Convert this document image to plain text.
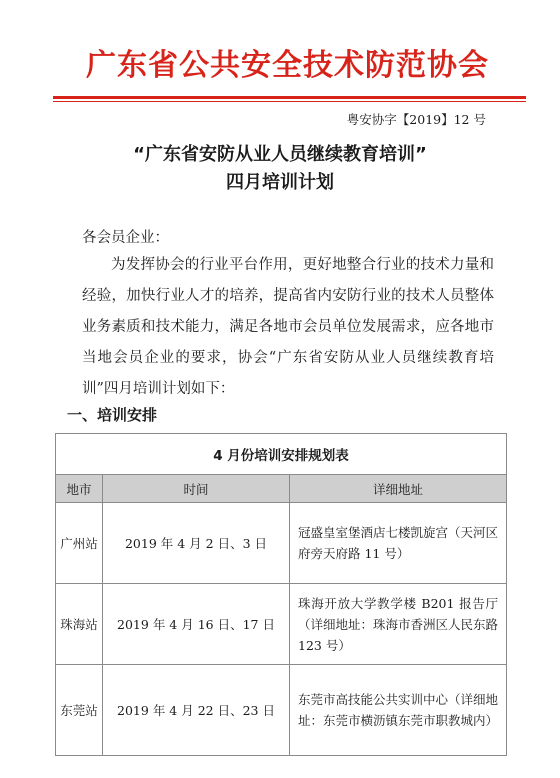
广东省公共安全技术防范协会
粤安协字【2019】12 号
“广东省安防从业人员继续教育培训”
四月培训计划
各会员企业：
为发挥协会的行业平台作用，更好地整合行业的技术力量和经验，加快行业人才的培养，提高省内安防行业的技术人员整体业务素质和技术能力，满足各地市会员单位发展需求，应各地市当地会员企业的要求，协会“广东省安防从业人员继续教育培训”四月培训计划如下：
一、培训安排
4 月份培训安排规划表		
地市	时间	详细地址
广州站	2019 年 4 月 2 日、3 日	冠盛皇室堡酒店七楼凯旋宫（天河区府旁天府路 11 号）
珠海站	2019 年 4 月 16 日、17 日	珠海开放大学教学楼 B201 报告厅（详细地址：珠海市香洲区人民东路 123 号）
东莞站	2019 年 4 月 22 日、23 日	东莞市高技能公共实训中心（详细地址：东莞市横沥镇东莞市职教城内）
